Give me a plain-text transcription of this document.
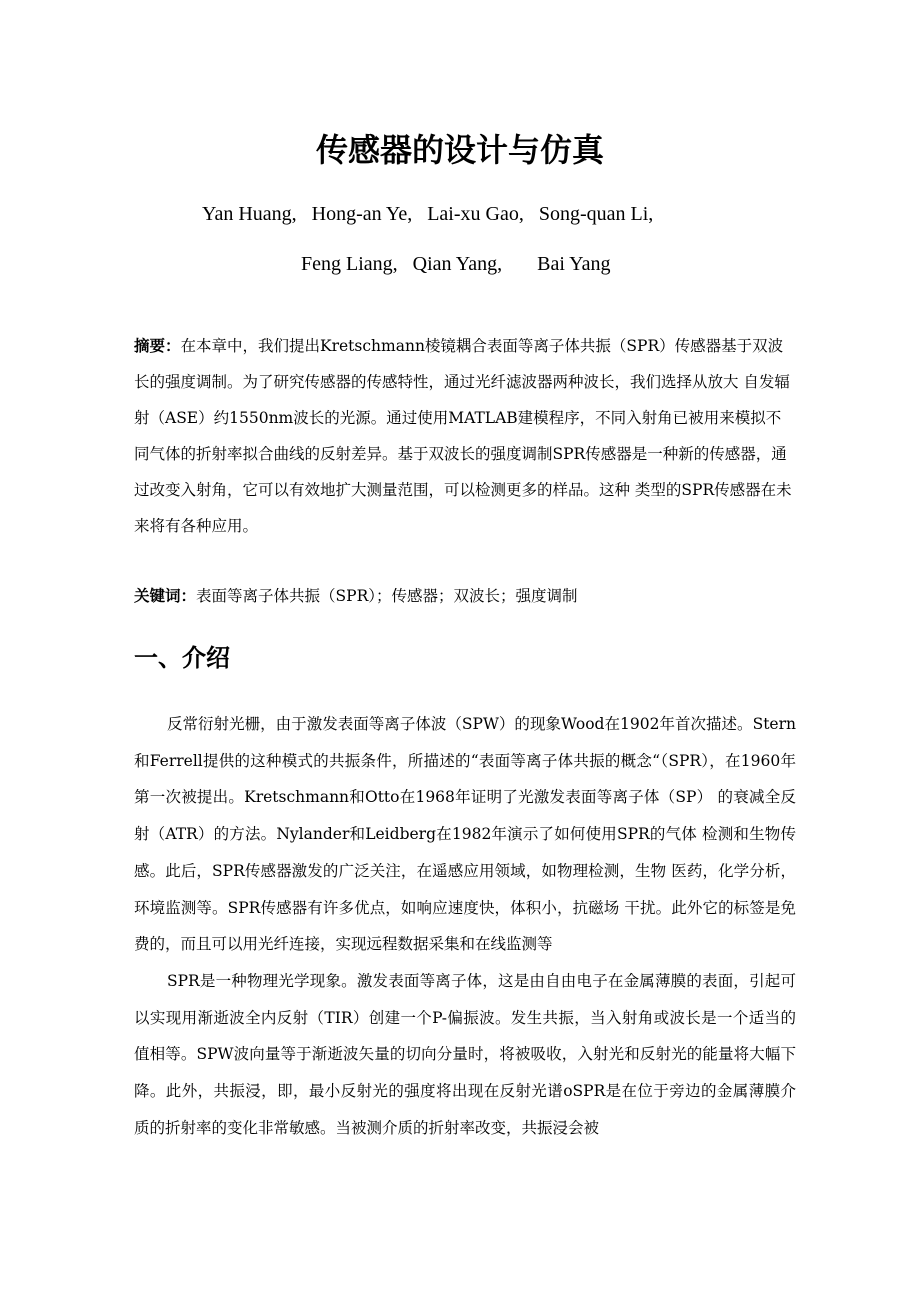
传感器的设计与仿真
Yan Huang,   Hong-an Ye,   Lai-xu Gao,   Song-quan Li,
Feng Liang,   Qian Yang,       Bai Yang

摘要：在本章中，我们提出Kretschmann棱镜耦合表面等离子体共振（SPR）传感器基于双波长的强度调制。为了研究传感器的传感特性，通过光纤滤波器两种波长，我们选择从放大 自发辐射（ASE）约1550nm波长的光源。通过使用MATLAB建模程序，不同入射角已被用来模拟不同气体的折射率拟合曲线的反射差异。基于双波长的强度调制SPR传感器是一种新的传感器，通过改变入射角，它可以有效地扩大测量范围，可以检测更多的样品。这种 类型的SPR传感器在未来将有各种应用。

关键词：表面等离子体共振（SPR）；传感器；双波长；强度调制

一、介绍

反常衍射光栅，由于激发表面等离子体波（SPW）的现象Wood在1902年首次描述。Stern和Ferrell提供的这种模式的共振条件，所描述的“表面等离子体共振的概念“（SPR），在1960年第一次被提出。Kretschmann和Otto在1968年证明了光激发表面等离子体（SP） 的衰减全反射（ATR）的方法。Nylander和Leidberg在1982年演示了如何使用SPR的气体 检测和生物传感。此后，SPR传感器激发的广泛关注，在遥感应用领域，如物理检测，生物 医药，化学分析，环境监测等。SPR传感器有许多优点，如响应速度快，体积小，抗磁场 干扰。此外它的标签是免费的，而且可以用光纤连接，实现远程数据采集和在线监测等

SPR是一种物理光学现象。激发表面等离子体，这是由自由电子在金属薄膜的表面，引起可以实现用渐逝波全内反射（TIR）创建一个P-偏振波。发生共振，当入射角或波长是一个适当的值相等。SPW波向量等于渐逝波矢量的切向分量时，将被吸收，入射光和反射光的能量将大幅下降。此外，共振浸，即，最小反射光的强度将出现在反射光谱oSPR是在位于旁边的金属薄膜介质的折射率的变化非常敏感。当被测介质的折射率改变，共振浸会被
